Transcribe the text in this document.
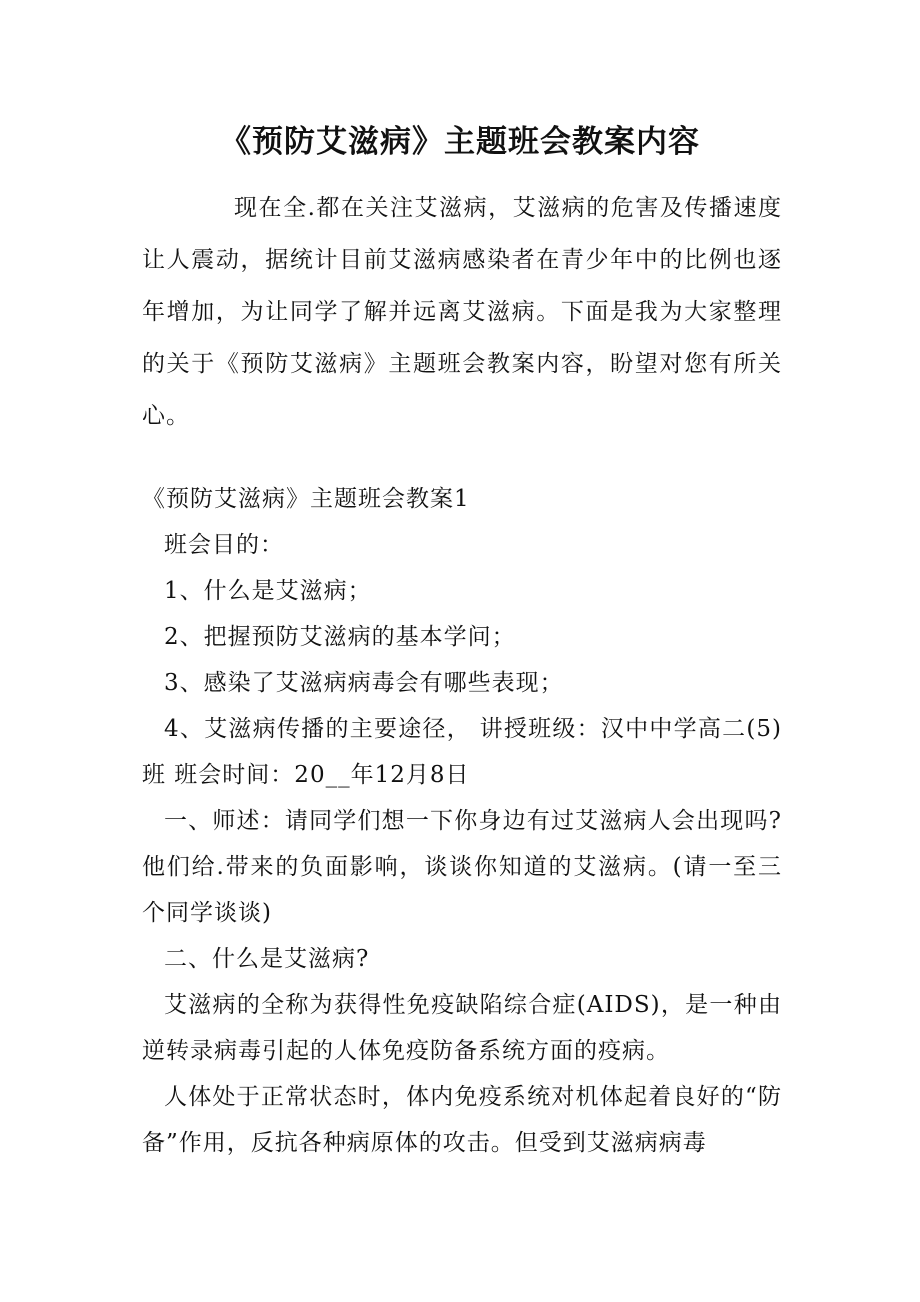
《预防艾滋病》主题班会教案内容

现在全.都在关注艾滋病，艾滋病的危害及传播速度让人震动，据统计目前艾滋病感染者在青少年中的比例也逐年增加，为让同学了解并远离艾滋病。下面是我为大家整理的关于《预防艾滋病》主题班会教案内容，盼望对您有所关心。

《预防艾滋病》主题班会教案1

班会目的：

1、什么是艾滋病；

2、把握预防艾滋病的基本学问；

3、感染了艾滋病病毒会有哪些表现；

4、艾滋病传播的主要途径， 讲授班级：汉中中学高二(5)班 班会时间：20__年12月8日

一、师述：请同学们想一下你身边有过艾滋病人会出现吗?他们给.带来的负面影响，谈谈你知道的艾滋病。(请一至三个同学谈谈)

二、什么是艾滋病?

艾滋病的全称为获得性免疫缺陷综合症(AIDS)，是一种由逆转录病毒引起的人体免疫防备系统方面的疫病。

人体处于正常状态时，体内免疫系统对机体起着良好的“防备”作用，反抗各种病原体的攻击。但受到艾滋病病毒
